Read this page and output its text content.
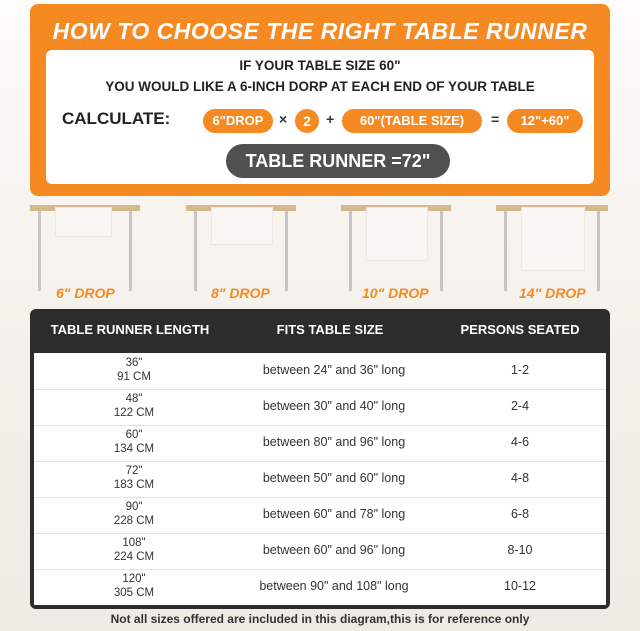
HOW TO CHOOSE THE RIGHT TABLE RUNNER
IF YOUR TABLE SIZE 60"
YOU WOULD LIKE A 6-INCH DORP AT EACH END OF YOUR TABLE
CALCULATE:	6"DROP	×	2	+	60"(TABLE SIZE)	=	12"+60"
TABLE RUNNER =72"
6" DROP	8" DROP	10" DROP	14" DROP
TABLE RUNNER LENGTH	FITS TABLE SIZE	PERSONS SEATED
36"
91 CM	between 24" and 36" long	1-2
48"
122 CM	between 30" and 40" long	2-4
60"
134 CM	between 80" and 96" long	4-6
72"
183 CM	between 50" and 60" long	4-8
90"
228 CM	between 60" and 78" long	6-8
108"
224 CM	between 60" and 96" long	8-10
120"
305 CM	between 90" and 108" long	10-12
Not all sizes offered are included in this diagram,this is for reference only
